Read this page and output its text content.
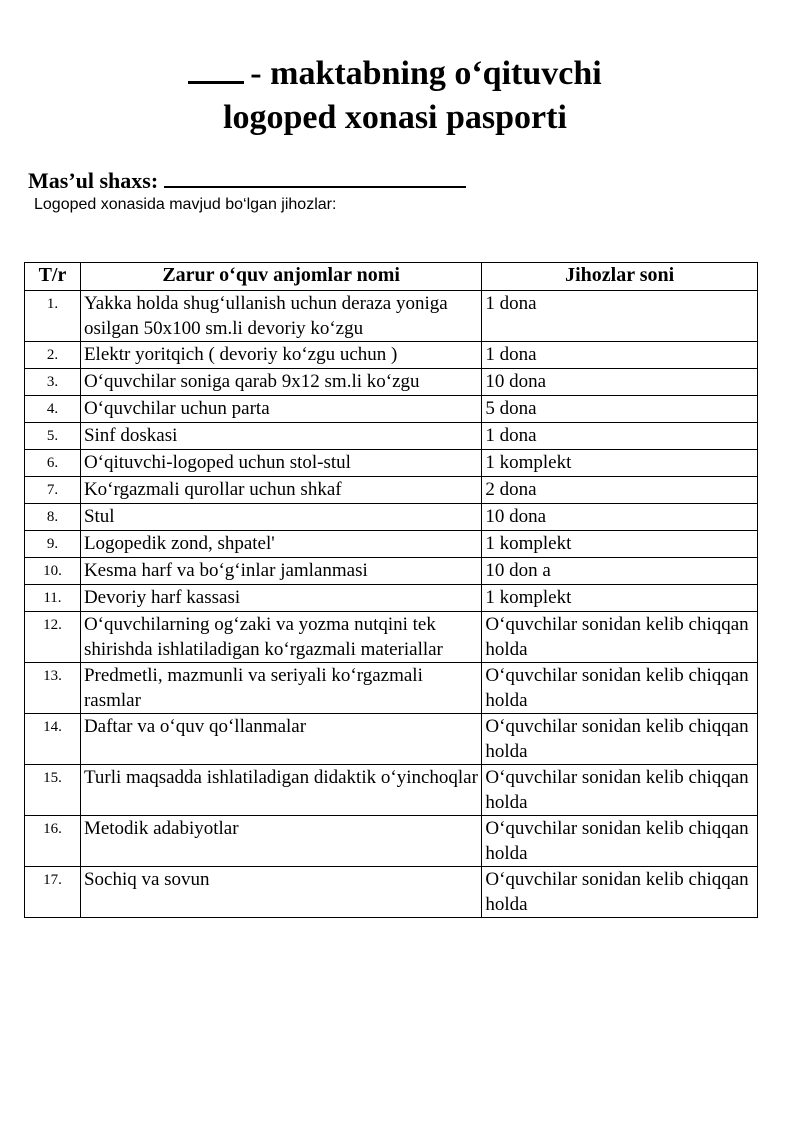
- maktabning o‘qituvchi
logoped xonasi pasporti
Mas’ul shaxs:
Logoped xonasida mavjud bo‘lgan jihozlar:
T/r	Zarur o‘quv anjomlar nomi	Jihozlar soni
1.	Yakka holda shug‘ullanish uchun deraza yoniga osilgan 50x100 sm.li devoriy ko‘zgu	1 dona
2.	Elektr yoritqich ( devoriy ko‘zgu uchun )	1 dona
3.	O‘quvchilar soniga qarab 9x12 sm.li ko‘zgu	10 dona
4.	O‘quvchilar uchun parta	5 dona
5.	Sinf doskasi	1 dona
6.	O‘qituvchi-logoped uchun stol-stul	1 komplekt
7.	Ko‘rgazmali qurollar uchun shkaf	2 dona
8.	Stul	10 dona
9.	Logopedik zond, shpatel'	1 komplekt
10.	Kesma harf va bo‘g‘inlar jamlanmasi	10 don a
11.	Devoriy harf kassasi	1 komplekt
12.	O‘quvchilarning og‘zaki va yozma nutqini tek shirishda ishlatiladigan ko‘rgazmali materiallar	O‘quvchilar sonidan kelib chiqqan holda
13.	Predmetli, mazmunli va seriyali ko‘rgazmali rasmlar	O‘quvchilar sonidan kelib chiqqan holda
14.	Daftar va o‘quv qo‘llanmalar	O‘quvchilar sonidan kelib chiqqan holda
15.	Turli maqsadda ishlatiladigan didaktik o‘yinchoqlar	O‘quvchilar sonidan kelib chiqqan holda
16.	Metodik adabiyotlar	O‘quvchilar sonidan kelib chiqqan holda
17.	Sochiq va sovun	O‘quvchilar sonidan kelib chiqqan holda
